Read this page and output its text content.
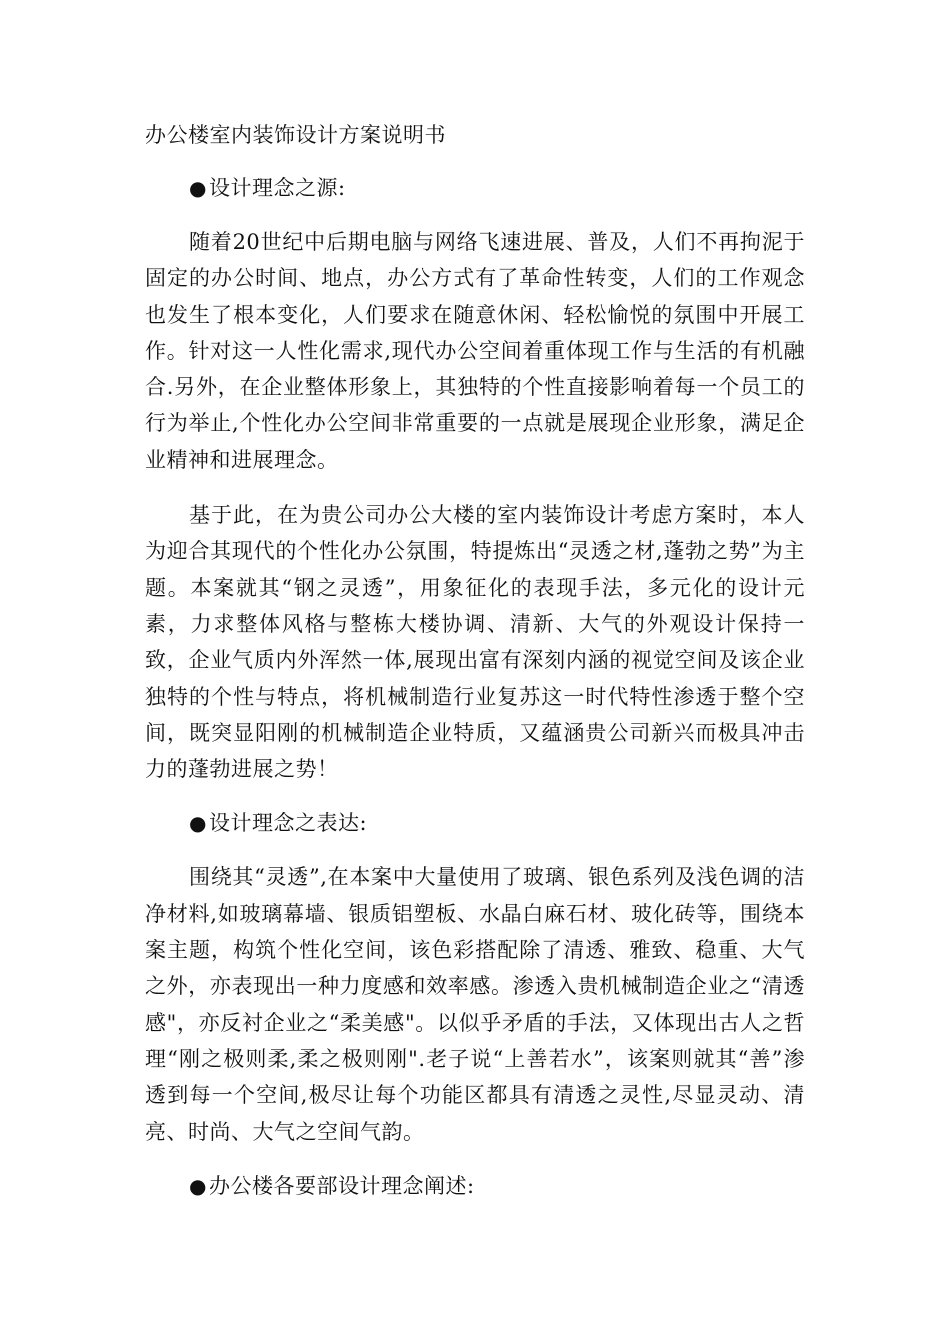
办公楼室内装饰设计方案说明书
●设计理念之源:

随着20世纪中后期电脑与网络飞速进展、普及，人们不再拘泥于固定的办公时间、地点，办公方式有了革命性转变，人们的工作观念也发生了根本变化，人们要求在随意休闲、轻松愉悦的氛围中开展工作。针对这一人性化需求,现代办公空间着重体现工作与生活的有机融合.另外，在企业整体形象上，其独特的个性直接影响着每一个员工的行为举止,个性化办公空间非常重要的一点就是展现企业形象，满足企业精神和进展理念。

基于此，在为贵公司办公大楼的室内装饰设计考虑方案时，本人为迎合其现代的个性化办公氛围，特提炼出“灵透之材,蓬勃之势”为主题。本案就其“钢之灵透”，用象征化的表现手法，多元化的设计元素，力求整体风格与整栋大楼协调、清新、大气的外观设计保持一致，企业气质内外浑然一体,展现出富有深刻内涵的视觉空间及该企业独特的个性与特点，将机械制造行业复苏这一时代特性渗透于整个空间，既突显阳刚的机械制造企业特质，又蕴涵贵公司新兴而极具冲击力的蓬勃进展之势！

●设计理念之表达:

围绕其“灵透”,在本案中大量使用了玻璃、银色系列及浅色调的洁净材料,如玻璃幕墙、银质铝塑板、水晶白麻石材、玻化砖等，围绕本案主题，构筑个性化空间，该色彩搭配除了清透、雅致、稳重、大气之外，亦表现出一种力度感和效率感。渗透入贵机械制造企业之“清透感"，亦反衬企业之“柔美感"。以似乎矛盾的手法，又体现出古人之哲理“刚之极则柔,柔之极则刚".老子说“上善若水”，该案则就其“善”渗透到每一个空间,极尽让每个功能区都具有清透之灵性,尽显灵动、清亮、时尚、大气之空间气韵。

●办公楼各要部设计理念阐述:
